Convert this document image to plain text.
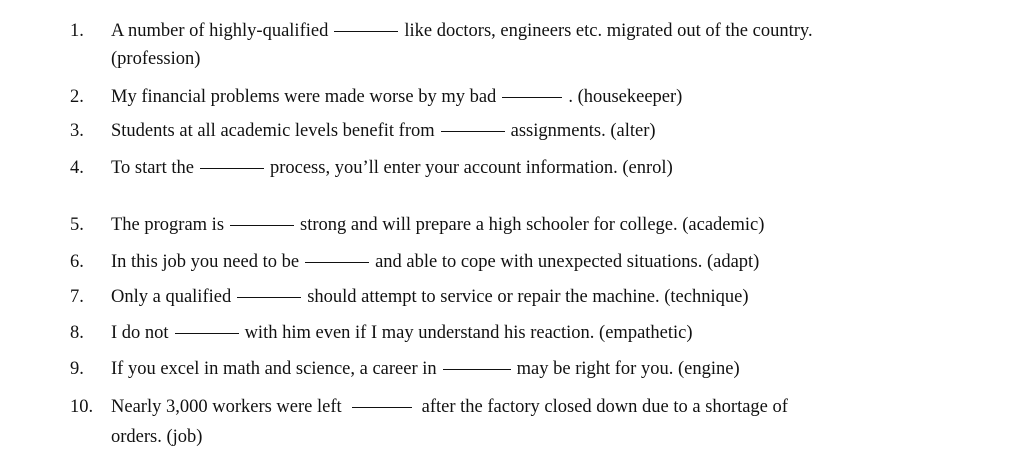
1.	A number of highly-qualified	like doctors, engineers etc. migrated out of the country.
(profession)
2.	My financial problems were made worse by my bad	. (housekeeper)
3.	Students at all academic levels benefit from	assignments. (alter)
4.	To start the	process, you’ll enter your account information. (enrol)
5.	The program is	strong and will prepare a high schooler for college. (academic)
6.	In this job you need to be	and able to cope with unexpected situations. (adapt)
7.	Only a qualified	should attempt to service or repair the machine. (technique)
8.	I do not	with him even if I may understand his reaction. (empathetic)
9.	If you excel in math and science, a career in	may be right for you. (engine)
10. Nearly 3,000 workers were left	after the factory closed down due to a shortage of
orders. (job)
